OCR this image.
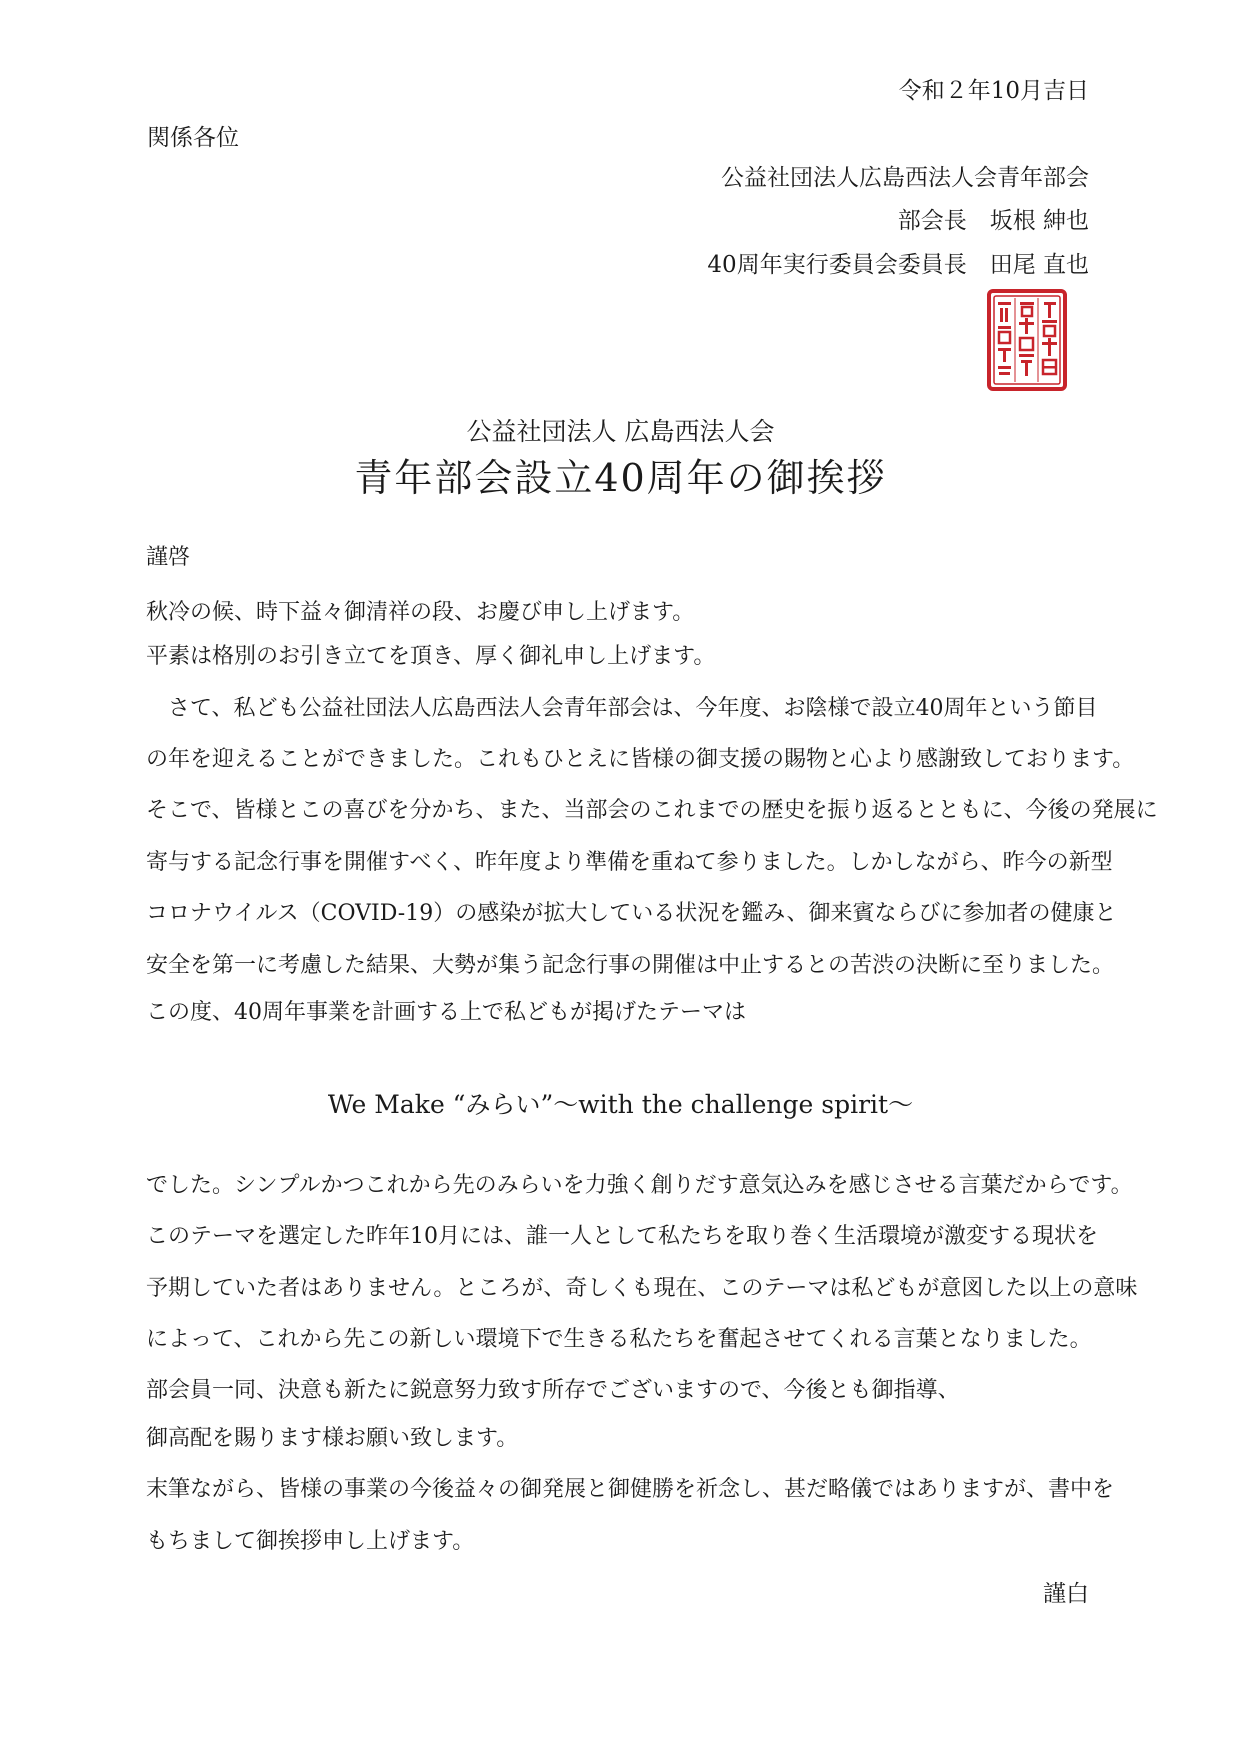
令和２年10月吉日
関係各位
公益社団法人広島西法人会青年部会
部会長　坂根 紳也
40周年実行委員会委員長　田尾 直也
公益社団法人 広島西法人会
青年部会設立40周年の御挨拶
謹啓
秋冷の候、時下益々御清祥の段、お慶び申し上げます。
平素は格別のお引き立てを頂き、厚く御礼申し上げます。
　さて、私ども公益社団法人広島西法人会青年部会は、今年度、お陰様で設立40周年という節目
の年を迎えることができました。これもひとえに皆様の御支援の賜物と心より感謝致しております。
そこで、皆様とこの喜びを分かち、また、当部会のこれまでの歴史を振り返るとともに、今後の発展に
寄与する記念行事を開催すべく、昨年度より準備を重ねて参りました。しかしながら、昨今の新型
コロナウイルス（COVID-19）の感染が拡大している状況を鑑み、御来賓ならびに参加者の健康と
安全を第一に考慮した結果、大勢が集う記念行事の開催は中止するとの苦渋の決断に至りました。
この度、40周年事業を計画する上で私どもが掲げたテーマは
We Make “みらい”〜with the challenge spirit〜
でした。シンプルかつこれから先のみらいを力強く創りだす意気込みを感じさせる言葉だからです。
このテーマを選定した昨年10月には、誰一人として私たちを取り巻く生活環境が激変する現状を
予期していた者はありません。ところが、奇しくも現在、このテーマは私どもが意図した以上の意味
によって、これから先この新しい環境下で生きる私たちを奮起させてくれる言葉となりました。
部会員一同、決意も新たに鋭意努力致す所存でございますので、今後とも御指導、
御高配を賜ります様お願い致します。
末筆ながら、皆様の事業の今後益々の御発展と御健勝を祈念し、甚だ略儀ではありますが、書中を
もちまして御挨拶申し上げます。
謹白
